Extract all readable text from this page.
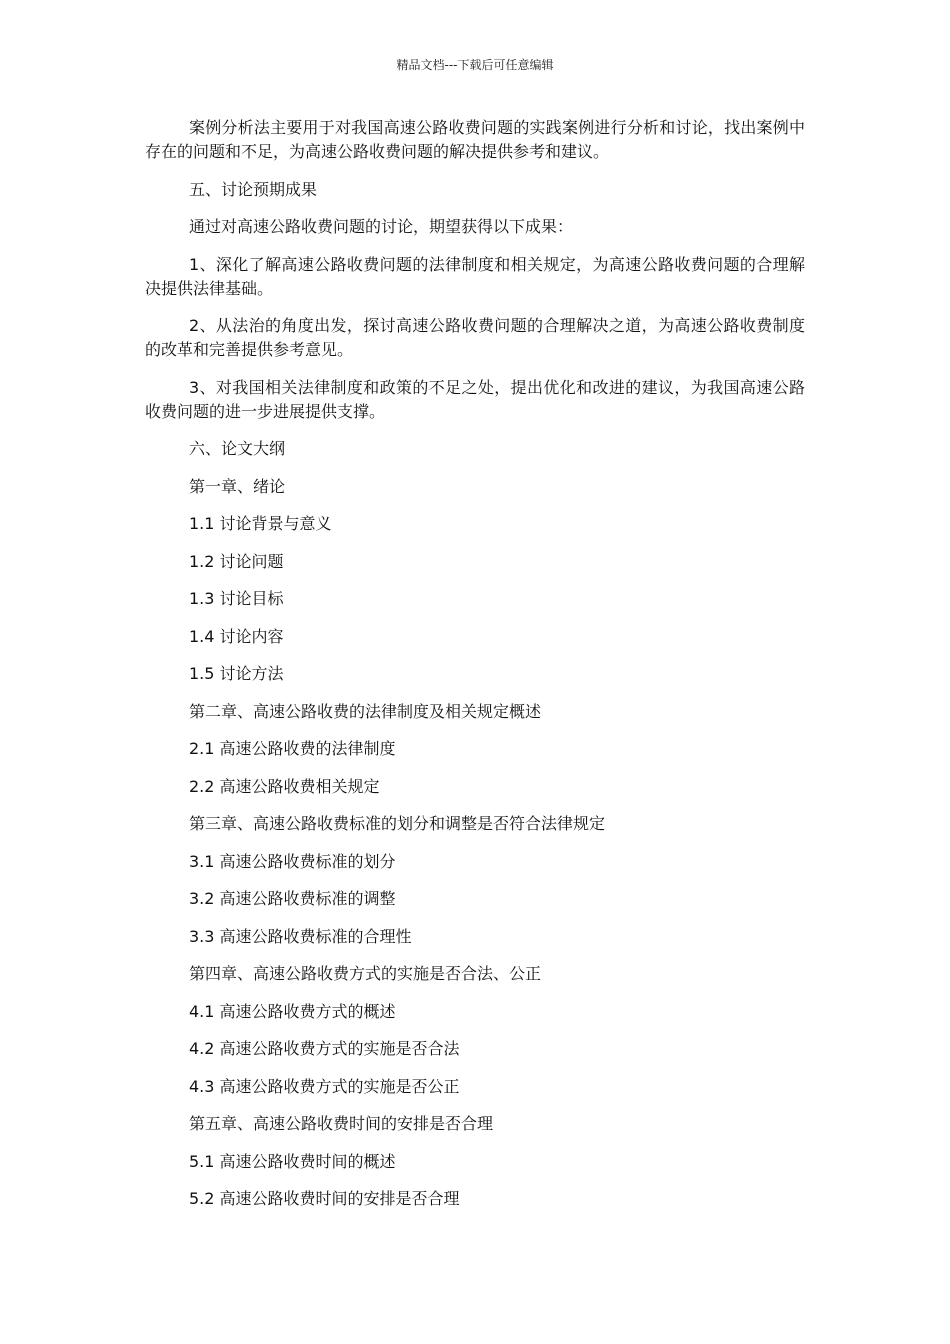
精品文档---下载后可任意编辑

案例分析法主要用于对我国高速公路收费问题的实践案例进行分析和讨论，找出案例中存在的问题和不足，为高速公路收费问题的解决提供参考和建议。

五、讨论预期成果

通过对高速公路收费问题的讨论，期望获得以下成果：

1、深化了解高速公路收费问题的法律制度和相关规定，为高速公路收费问题的合理解决提供法律基础。

2、从法治的角度出发，探讨高速公路收费问题的合理解决之道，为高速公路收费制度的改革和完善提供参考意见。

3、对我国相关法律制度和政策的不足之处，提出优化和改进的建议，为我国高速公路收费问题的进一步进展提供支撑。

六、论文大纲

第一章、绪论

1.1 讨论背景与意义

1.2 讨论问题

1.3 讨论目标

1.4 讨论内容

1.5 讨论方法

第二章、高速公路收费的法律制度及相关规定概述

2.1 高速公路收费的法律制度

2.2 高速公路收费相关规定

第三章、高速公路收费标准的划分和调整是否符合法律规定

3.1 高速公路收费标准的划分

3.2 高速公路收费标准的调整

3.3 高速公路收费标准的合理性

第四章、高速公路收费方式的实施是否合法、公正

4.1 高速公路收费方式的概述

4.2 高速公路收费方式的实施是否合法

4.3 高速公路收费方式的实施是否公正

第五章、高速公路收费时间的安排是否合理

5.1 高速公路收费时间的概述

5.2 高速公路收费时间的安排是否合理
